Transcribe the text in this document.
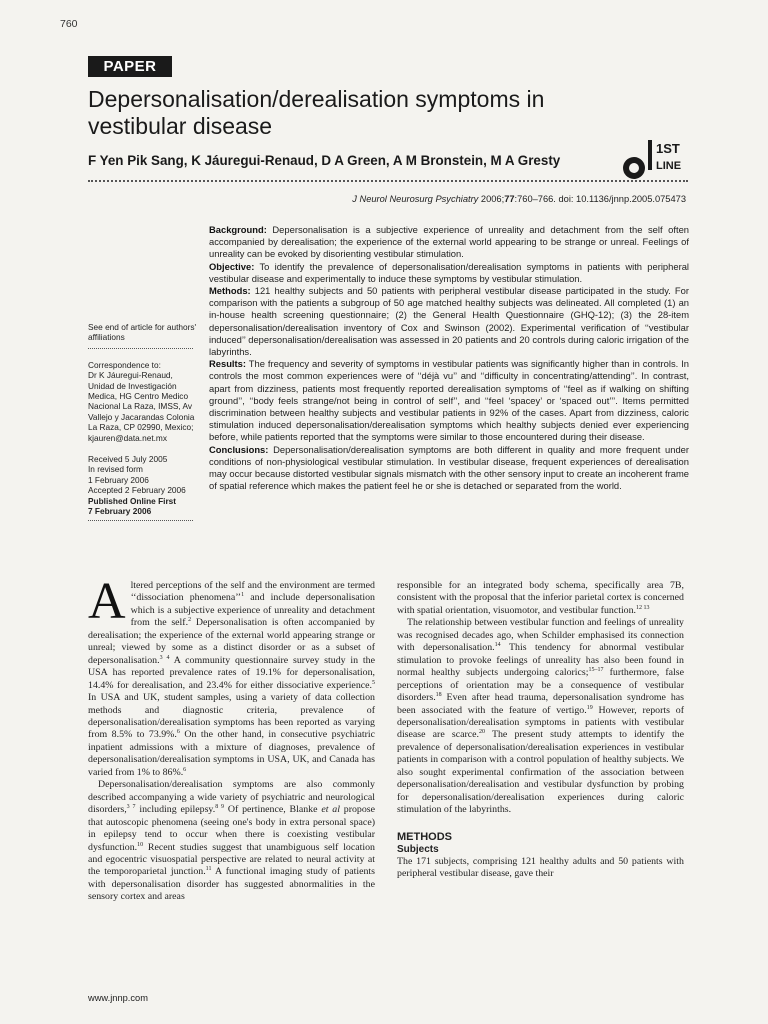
760
PAPER
Depersonalisation/derealisation symptoms in vestibular disease
F Yen Pik Sang, K Jáuregui-Renaud, D A Green, A M Bronstein, M A Gresty
1ST
LINE
J Neurol Neurosurg Psychiatry 2006;77:760–766. doi: 10.1136/jnnp.2005.075473

See end of article for authors' affiliations

Correspondence to:

Dr K Jáuregui-Renaud, Unidad de Investigación Medica, HG Centro Medico Nacional La Raza, IMSS, Av Vallejo y Jacarandas Colonia La Raza, CP 02990, Mexico; kjauren@data.net.mx

Received 5 July 2005

In revised form

1 February 2006

Accepted 2 February 2006

Published Online First

7 February 2006

Background: Depersonalisation is a subjective experience of unreality and detachment from the self often accompanied by derealisation; the experience of the external world appearing to be strange or unreal. Feelings of unreality can be evoked by disorienting vestibular stimulation.

Objective: To identify the prevalence of depersonalisation/derealisation symptoms in patients with peripheral vestibular disease and experimentally to induce these symptoms by vestibular stimulation.

Methods: 121 healthy subjects and 50 patients with peripheral vestibular disease participated in the study. For comparison with the patients a subgroup of 50 age matched healthy subjects was delineated. All completed (1) an in-house health screening questionnaire; (2) the General Health Questionnaire (GHQ-12); (3) the 28-item depersonalisation/derealisation inventory of Cox and Swinson (2002). Experimental verification of ‘‘vestibular induced’’ depersonalisation/derealisation was assessed in 20 patients and 20 controls during caloric irrigation of the labyrinths.

Results: The frequency and severity of symptoms in vestibular patients was significantly higher than in controls. In controls the most common experiences were of ‘‘déjà vu’’ and ‘‘difficulty in concentrating/attending’’. In contrast, apart from dizziness, patients most frequently reported derealisation symptoms of ‘‘feel as if walking on shifting ground’’, ‘‘body feels strange/not being in control of self’’, and ‘‘feel ‘spacey’ or ‘spaced out’’’. Items permitted discrimination between healthy subjects and vestibular patients in 92% of the cases. Apart from dizziness, caloric stimulation induced depersonalisation/derealisation symptoms which healthy subjects denied ever experiencing before, while patients reported that the symptoms were similar to those encountered during their disease.

Conclusions: Depersonalisation/derealisation symptoms are both different in quality and more frequent under conditions of non-physiological vestibular stimulation. In vestibular disease, frequent experiences of derealisation may occur because distorted vestibular signals mismatch with the other sensory input to create an incoherent frame of spatial reference which makes the patient feel he or she is detached or separated from the world.

Altered perceptions of the self and the environment are termed ‘‘dissociation phenomena’’$^1$ and include depersonalisation which is a subjective experience of unreality and detachment from the self.$^2$ Depersonalisation is often accompanied by derealisation; the experience of the external world appearing strange or unreal; viewed by some as a distinct disorder or as a subset of depersonalisation.$^{3 4}$ A community questionnaire survey study in the USA has reported prevalence rates of 19.1% for depersonalisation, 14.4% for derealisation, and 23.4% for either dissociative experience.$^5$ In USA and UK, student samples, using a variety of data collection methods and diagnostic criteria, prevalence of depersonalisation/derealisation symptoms has been reported as varying from 8.5% to 73.9%.$^6$ On the other hand, in consecutive psychiatric inpatient admissions with a mixture of diagnoses, prevalence of depersonalisation/derealisation symptoms in USA, UK, and Canada has varied from 1% to 86%.$^6$

Depersonalisation/derealisation symptoms are also commonly described accompanying a wide variety of psychiatric and neurological disorders,$^{3 7}$ including epilepsy.$^{8 9}$ Of pertinence, Blanke et al propose that autoscopic phenomena (seeing one's body in extra personal space) in epilepsy tend to occur when there is coexisting vestibular dysfunction.$^{10}$ Recent studies suggest that unambiguous self location and egocentric visuospatial perspective are related to neural activity at the temporoparietal junction.$^{11}$ A functional imaging study of patients with depersonalisation disorder has suggested abnormalities in the sensory cortex and areas

responsible for an integrated body schema, specifically area 7B, consistent with the proposal that the inferior parietal cortex is concerned with spatial orientation, visuomotor, and vestibular function.$^{12 13}$

The relationship between vestibular function and feelings of unreality was recognised decades ago, when Schilder emphasised its connection with depersonalisation.$^{14}$ This tendency for abnormal vestibular stimulation to provoke feelings of unreality has also been found in normal healthy subjects undergoing calorics;$^{15-17}$ furthermore, false perceptions of orientation may be a consequence of vestibular disorders.$^{18}$ Even after head trauma, depersonalisation syndrome has been associated with the feature of vertigo.$^{19}$ However, reports of depersonalisation/derealisation symptoms in patients with vestibular disease are scarce.$^{20}$ The present study attempts to identify the prevalence of depersonalisation/derealisation experiences in vestibular patients in comparison with a control population of healthy subjects. We also sought experimental confirmation of the association between depersonalisation/derealisation and vestibular dysfunction by probing for depersonalisation/derealisation experiences during caloric stimulation of the labyrinths.

METHODS
Subjects

The 171 subjects, comprising 121 healthy adults and 50 patients with peripheral vestibular disease, gave their

www.jnnp.com
